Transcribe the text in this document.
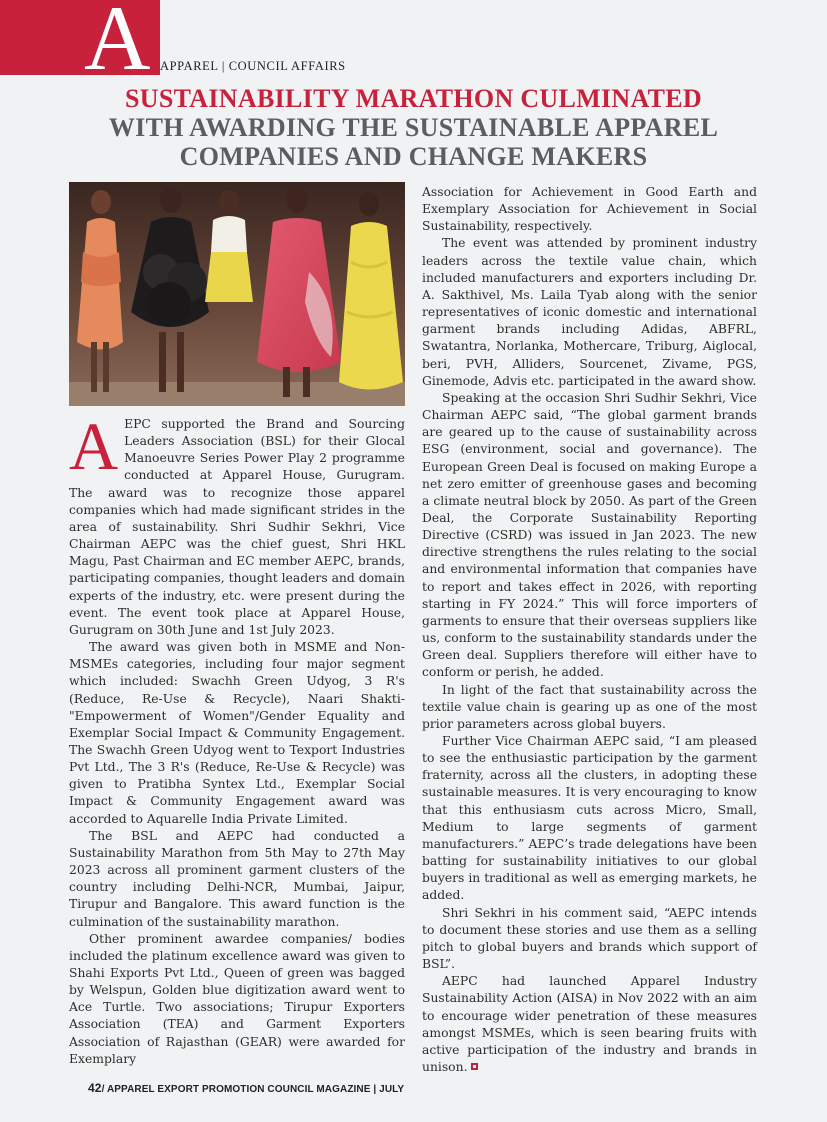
A APPAREL | COUNCIL AFFAIRS
SUSTAINABILITY MARATHON CULMINATED
WITH AWARDING THE SUSTAINABLE APPAREL
COMPANIES AND CHANGE MAKERS

AEPC supported the Brand and Sourcing Leaders Association (BSL) for their Glocal Manoeuvre Series Power Play 2 programme conducted at Apparel House, Gurugram. The award was to recognize those apparel companies which had made significant strides in the area of sustainability. Shri Sudhir Sekhri, Vice Chairman AEPC was the chief guest, Shri HKL Magu, Past Chairman and EC member AEPC, brands, participating companies, thought leaders and domain experts of the industry, etc. were present during the event. The event took place at Apparel House, Gurugram on 30th June and 1st July 2023.

The award was given both in MSME and Non-MSMEs categories, including four major segment which included: Swachh Green Udyog, 3 R's (Reduce, Re-Use & Recycle), Naari Shakti-"Empowerment of Women"/Gender Equality and Exemplar Social Impact & Community Engagement. The Swachh Green Udyog went to Texport Industries Pvt Ltd., The 3 R's (Reduce, Re-Use & Recycle) was given to Pratibha Syntex Ltd., Exemplar Social Impact & Community Engagement award was accorded to Aquarelle India Private Limited.

The BSL and AEPC had conducted a Sustainability Marathon from 5th May to 27th May 2023 across all prominent garment clusters of the country including Delhi-NCR, Mumbai, Jaipur, Tirupur and Bangalore. This award function is the culmination of the sustainability marathon.

Other prominent awardee companies/ bodies included the platinum excellence award was given to Shahi Exports Pvt Ltd., Queen of green was bagged by Welspun, Golden blue digitization award went to Ace Turtle. Two associations; Tirupur Exporters Association (TEA) and Garment Exporters Association of Rajasthan (GEAR) were awarded for Exemplary

Association for Achievement in Good Earth and Exemplary Association for Achievement in Social Sustainability, respectively.

The event was attended by prominent industry leaders across the textile value chain, which included manufacturers and exporters including Dr. A. Sakthivel, Ms. Laila Tyab along with the senior representatives of iconic domestic and international garment brands including Adidas, ABFRL, Swatantra, Norlanka, Mothercare, Triburg, Aiglocal, beri, PVH, Alliders, Sourcenet, Zivame, PGS, Ginemode, Advis etc. participated in the award show.

Speaking at the occasion Shri Sudhir Sekhri, Vice Chairman AEPC said, “The global garment brands are geared up to the cause of sustainability across ESG (environment, social and governance). The European Green Deal is focused on making Europe a net zero emitter of greenhouse gases and becoming a climate neutral block by 2050. As part of the Green Deal, the Corporate Sustainability Reporting Directive (CSRD) was issued in Jan 2023. The new directive strengthens the rules relating to the social and environmental information that companies have to report and takes effect in 2026, with reporting starting in FY 2024.” This will force importers of garments to ensure that their overseas suppliers like us, conform to the sustainability standards under the Green deal. Suppliers therefore will either have to conform or perish, he added.

In light of the fact that sustainability across the textile value chain is gearing up as one of the most prior parameters across global buyers.

Further Vice Chairman AEPC said, “I am pleased to see the enthusiastic participation by the garment fraternity, across all the clusters, in adopting these sustainable measures. It is very encouraging to know that this enthusiasm cuts across Micro, Small, Medium to large segments of garment manufacturers.” AEPC’s trade delegations have been batting for sustainability initiatives to our global buyers in traditional as well as emerging markets, he added.

Shri Sekhri in his comment said, “AEPC intends to document these stories and use them as a selling pitch to global buyers and brands which support of BSL”.

AEPC had launched Apparel Industry Sustainability Action (AISA) in Nov 2022 with an aim to encourage wider penetration of these measures amongst MSMEs, which is seen bearing fruits with active participation of the industry and brands in unison.

42/ APPAREL EXPORT PROMOTION COUNCIL MAGAZINE | JULY
